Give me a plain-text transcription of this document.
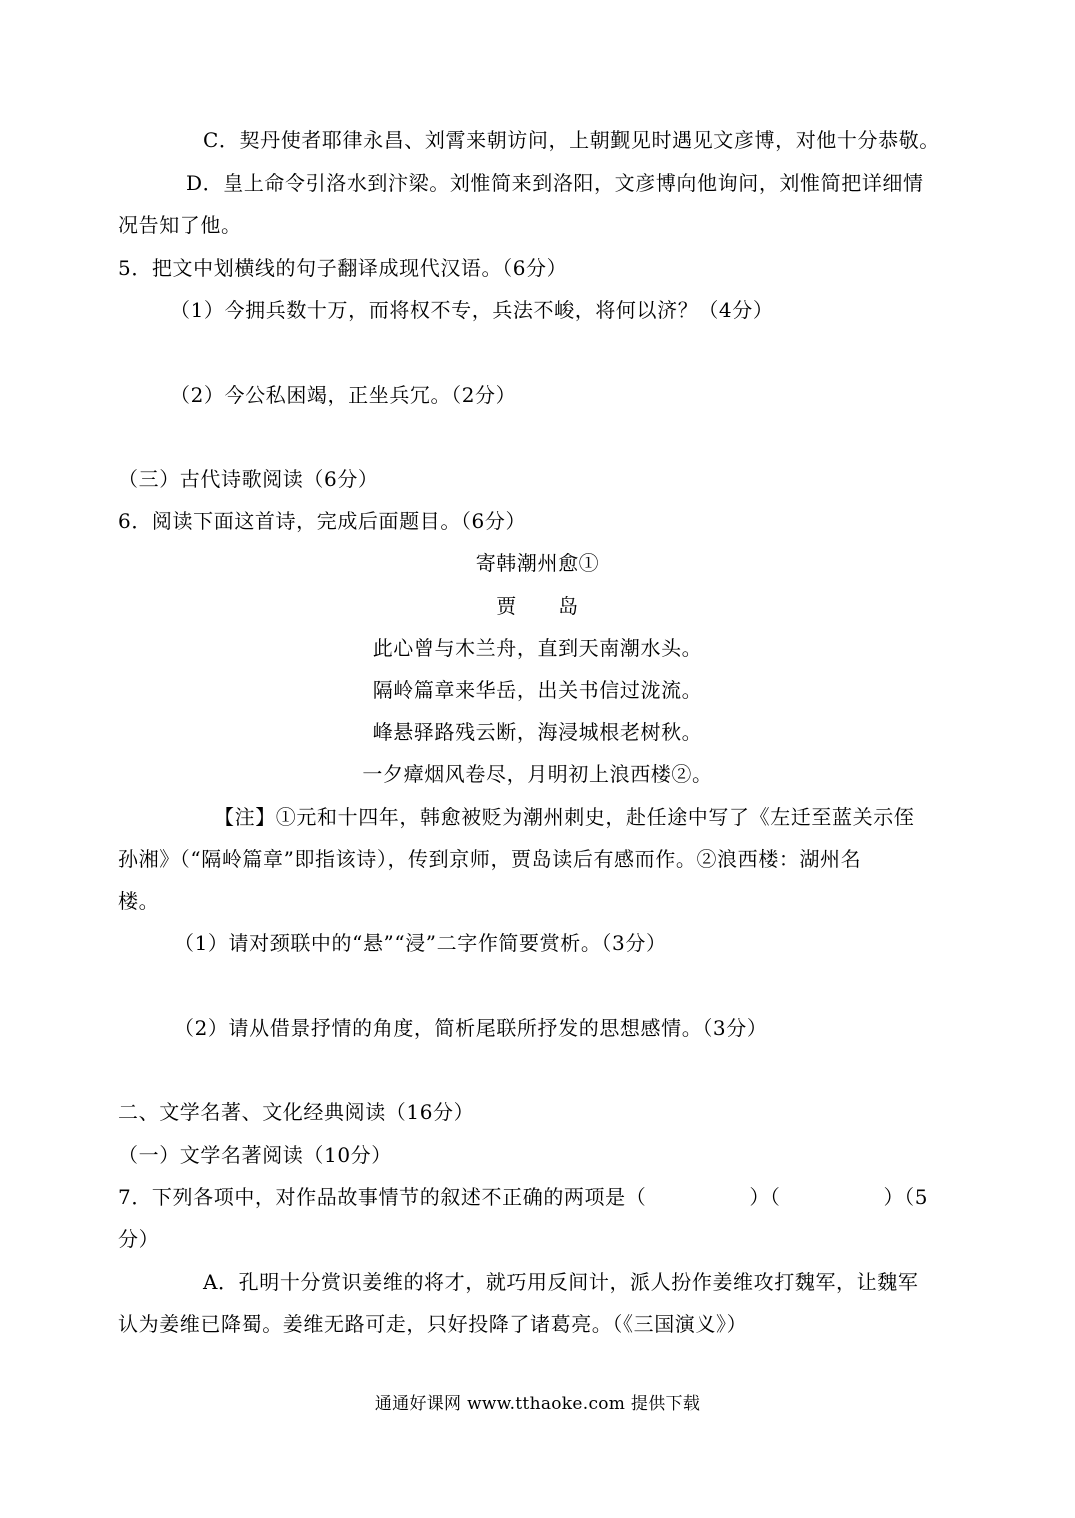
C．契丹使者耶律永昌、刘霄来朝访问，上朝觐见时遇见文彦博，对他十分恭敬。
D．皇上命令引洛水到汴梁。刘惟简来到洛阳，文彦博向他询问，刘惟简把详细情
况告知了他。
5．把文中划横线的句子翻译成现代汉语。（6分）
（1）今拥兵数十万，而将权不专，兵法不峻，将何以济？（4分）
（2）今公私困竭，正坐兵冗。（2分）
（三）古代诗歌阅读（6分）
6．阅读下面这首诗，完成后面题目。（6分）
寄韩潮州愈①
贾　　岛
此心曾与木兰舟，直到天南潮水头。
隔岭篇章来华岳，出关书信过泷流。
峰悬驿路残云断，海浸城根老树秋。
一夕瘴烟风卷尽，月明初上浪西楼②。
【注】①元和十四年，韩愈被贬为潮州刺史，赴任途中写了《左迁至蓝关示侄
孙湘》（“隔岭篇章”即指该诗），传到京师，贾岛读后有感而作。②浪西楼：湖州名
楼。
（1）请对颈联中的“悬”“浸”二字作简要赏析。（3分）
（2）请从借景抒情的角度，简析尾联所抒发的思想感情。（3分）
二、文学名著、文化经典阅读（16分）
（一）文学名著阅读（10分）
7．下列各项中，对作品故事情节的叙述不正确的两项是（　　　　　）（　　　　　）（5
分）
A．孔明十分赏识姜维的将才，就巧用反间计，派人扮作姜维攻打魏军，让魏军
认为姜维已降蜀。姜维无路可走，只好投降了诸葛亮。（《三国演义》）
通通好课网 www.tthaoke.com 提供下载
